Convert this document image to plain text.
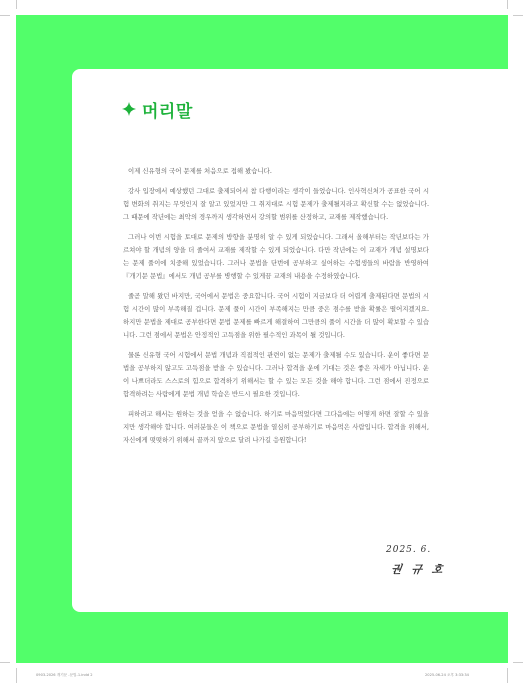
머리말

이제 신유형의 국어 문제를 처음으로 접해 봤습니다.

강사 입장에서 예상했던 그대로 출제되어서 참 다행이라는 생각이 들었습니다. 인사혁신처가 공표한 국어 시험 변화의 취지는 무엇인지 잘 알고 있었지만 그 취지대로 시험 문제가 출제될지라고 확신할 수는 없었습니다. 그 때문에 작년에는 최악의 경우까지 생각하면서 강의할 범위를 산정하고, 교재를 제작했습니다.

그러나 이번 시험을 토대로 문제의 방향을 분명히 알 수 있게 되었습니다. 그래서 올해부터는 작년보다는 가르쳐야 할 개념의 양을 더 줄여서 교재를 제작할 수 있게 되었습니다. 다만 작년에는 이 교재가 개념 설명보다는 문제 풀이에 치중해 있었습니다. 그러나 문법을 단번에 공부하고 싶어하는 수험생들의 바람을 반영하여 『개기문 문법』에서도 개념 공부를 병행할 수 있게끔 교재의 내용을 수정하였습니다.

줄곧 말해 왔던 바지만, 국어에서 문법은 중요합니다. 국어 시험이 지금보다 더 어렵게 출제된다면 문법의 시험 시간이 많이 부족해질 겁니다. 문제 풀이 시간이 부족해지는 만큼 중은 점수를 받을 확률은 떨어지겠지요. 하지만 문법을 제대로 공부한다면 문법 문제를 빠르게 해결하여 그만큼의 풀이 시간을 더 많이 확보할 수 있습니다. 그런 점에서 문법은 안정적인 고득점을 위한 필수적인 과목이 될 것입니다.

물론 신유형 국어 시험에서 문법 개념과 직접적인 관련이 없는 문제가 출제될 수도 있습니다. 운이 좋다면 문법을 공부하지 않고도 고득점을 받을 수 있습니다. 그러나 합격을 운에 기대는 것은 좋은 자세가 아닙니다. 운이 나쁘더라도 스스로의 힘으로 합격하기 위해서는 할 수 있는 모든 것을 해야 합니다. 그런 점에서 진정으로 합격하려는 사람에게 문법 개념 학습은 반드시 필요한 것입니다.

피하려고 해서는 원하는 것을 얻을 수 없습니다. 하기로 마음먹었다면 그다음에는 어떻게 하면 잘할 수 있을지만 생각해야 합니다. 여러분들은 이 책으로 문법을 열심히 공부하기로 마음먹은 사람입니다. 합격을 위해서, 자신에게 떳떳하기 위해서 끝까지 앞으로 달려 나가길 응원합니다!

2025. 6.
권 규 호
0903-2026 개기문 -문법-1.indd 2	2025-06-24 오후 3:33:34
